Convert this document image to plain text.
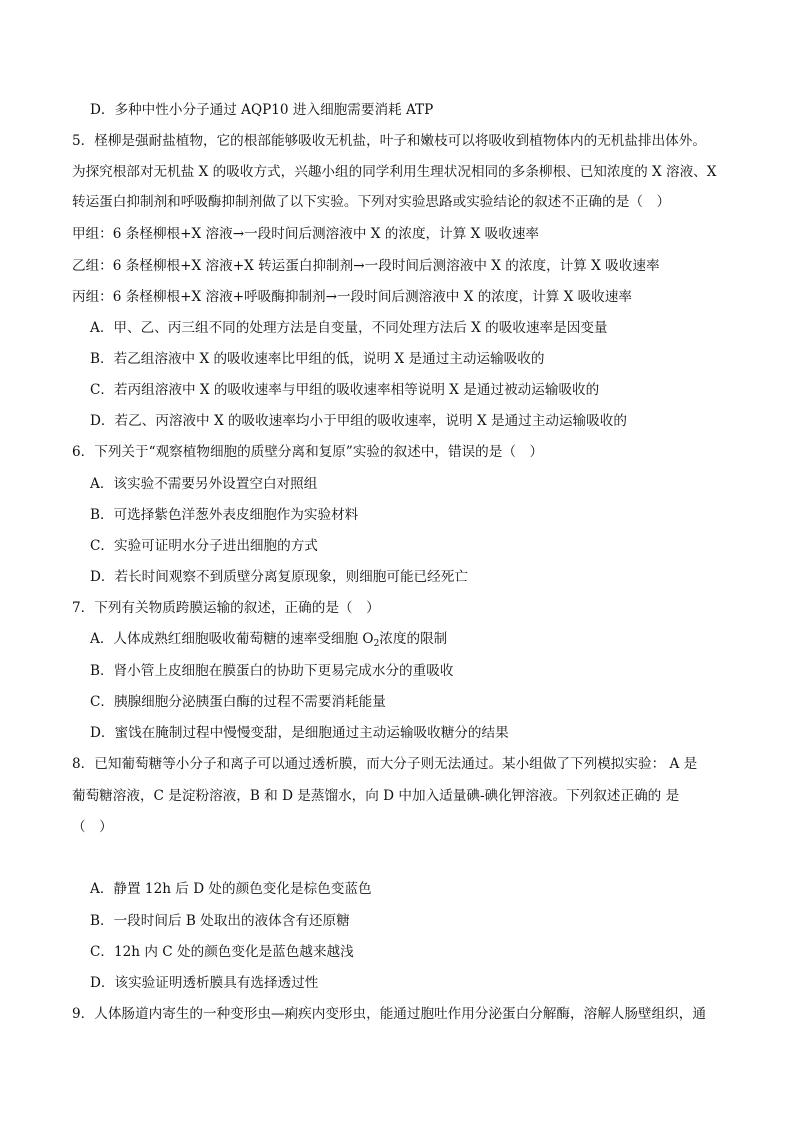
D．多种中性小分子通过 AQP10 进入细胞需要消耗 ATP
5．柽柳是强耐盐植物，它的根部能够吸收无机盐，叶子和嫩枝可以将吸收到植物体内的无机盐排出体外。
为探究根部对无机盐 X 的吸收方式，兴趣小组的同学利用生理状况相同的多条柳根、已知浓度的 X 溶液、X
转运蛋白抑制剂和呼吸酶抑制剂做了以下实验。下列对实验思路或实验结论的叙述不正确的是（　）
甲组：6 条柽柳根+X 溶液→一段时间后测溶液中 X 的浓度，计算 X 吸收速率
乙组：6 条柽柳根+X 溶液+X 转运蛋白抑制剂→一段时间后测溶液中 X 的浓度，计算 X 吸收速率
丙组：6 条柽柳根+X 溶液+呼吸酶抑制剂→一段时间后测溶液中 X 的浓度，计算 X 吸收速率
A．甲、乙、丙三组不同的处理方法是自变量，不同处理方法后 X 的吸收速率是因变量
B．若乙组溶液中 X 的吸收速率比甲组的低，说明 X 是通过主动运输吸收的
C．若丙组溶液中 X 的吸收速率与甲组的吸收速率相等说明 X 是通过被动运输吸收的
D．若乙、丙溶液中 X 的吸收速率均小于甲组的吸收速率，说明 X 是通过主动运输吸收的
6．下列关于“观察植物细胞的质壁分离和复原”实验的叙述中，错误的是（　）
A．该实验不需要另外设置空白对照组
B．可选择紫色洋葱外表皮细胞作为实验材料
C．实验可证明水分子进出细胞的方式
D．若长时间观察不到质壁分离复原现象，则细胞可能已经死亡
7．下列有关物质跨膜运输的叙述，正确的是（　）
A．人体成熟红细胞吸收葡萄糖的速率受细胞 $O_2$浓度的限制
B．肾小管上皮细胞在膜蛋白的协助下更易完成水分的重吸收
C．胰腺细胞分泌胰蛋白酶的过程不需要消耗能量
D．蜜饯在腌制过程中慢慢变甜，是细胞通过主动运输吸收糖分的结果
8．已知葡萄糖等小分子和离子可以通过透析膜，而大分子则无法通过。某小组做了下列模拟实验： A 是
葡萄糖溶液，C 是淀粉溶液，B 和 D 是蒸馏水，向 D 中加入适量碘-碘化钾溶液。下列叙述正确的 是
（　）
A．静置 12h 后 D 处的颜色变化是棕色变蓝色
B．一段时间后 B 处取出的液体含有还原糖
C．12h 内 C 处的颜色变化是蓝色越来越浅
D．该实验证明透析膜具有选择透过性
9．人体肠道内寄生的一种变形虫—痢疾内变形虫，能通过胞吐作用分泌蛋白分解酶，溶解人肠壁组织，通
